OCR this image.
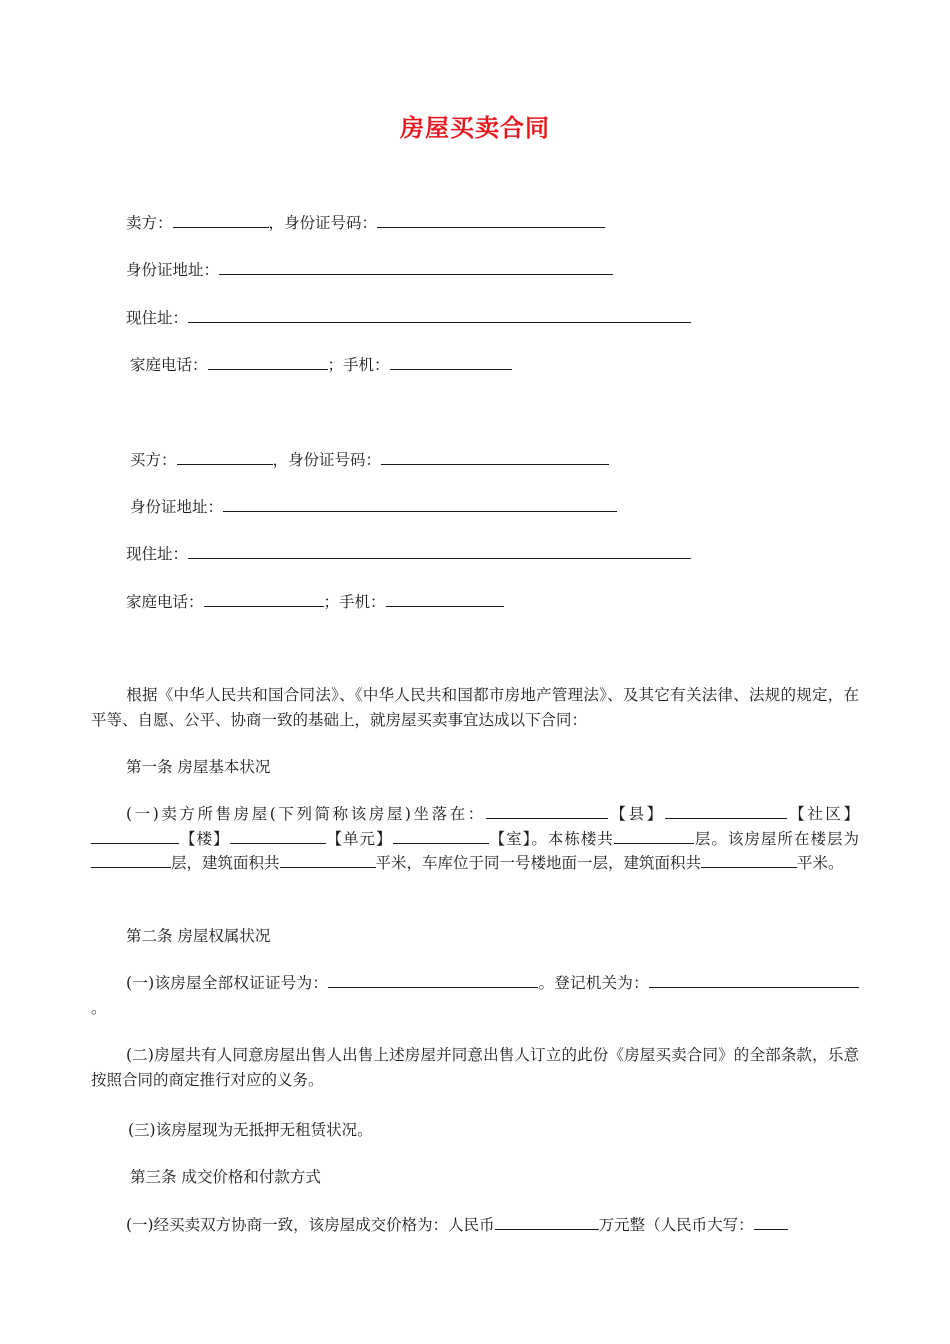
房屋买卖合同
卖方：	，身份证号码：
身份证地址：
现住址：
家庭电话：	；手机：
买方：	，身份证号码：
身份证地址：
现住址：
家庭电话：	；手机：
根据《中华人民共和国合同法》、《中华人民共和国都市房地产管理法》、及其它有关法律、法规的规定，在平等、自愿、公平、协商一致的基础上，就房屋买卖事宜达成以下合同：
第一条 房屋基本状况
(一)卖方所售房屋(下列简称该房屋)坐落在：	【县】	【社区】【楼】	【单元】	【室】。本栋楼共	层。该房屋所在楼层为层，建筑面积共	平米，车库位于同一号楼地面一层，建筑面积共	平米。
第二条 房屋权属状况
(一)该房屋全部权证证号为：	。登记机关为：。
(二)房屋共有人同意房屋出售人出售上述房屋并同意出售人订立的此份《房屋买卖合同》的全部条款，乐意按照合同的商定推行对应的义务。
(三)该房屋现为无抵押无租赁状况。
第三条 成交价格和付款方式
(一)经买卖双方协商一致，该房屋成交价格为：人民币	万元整（人民币大写：
